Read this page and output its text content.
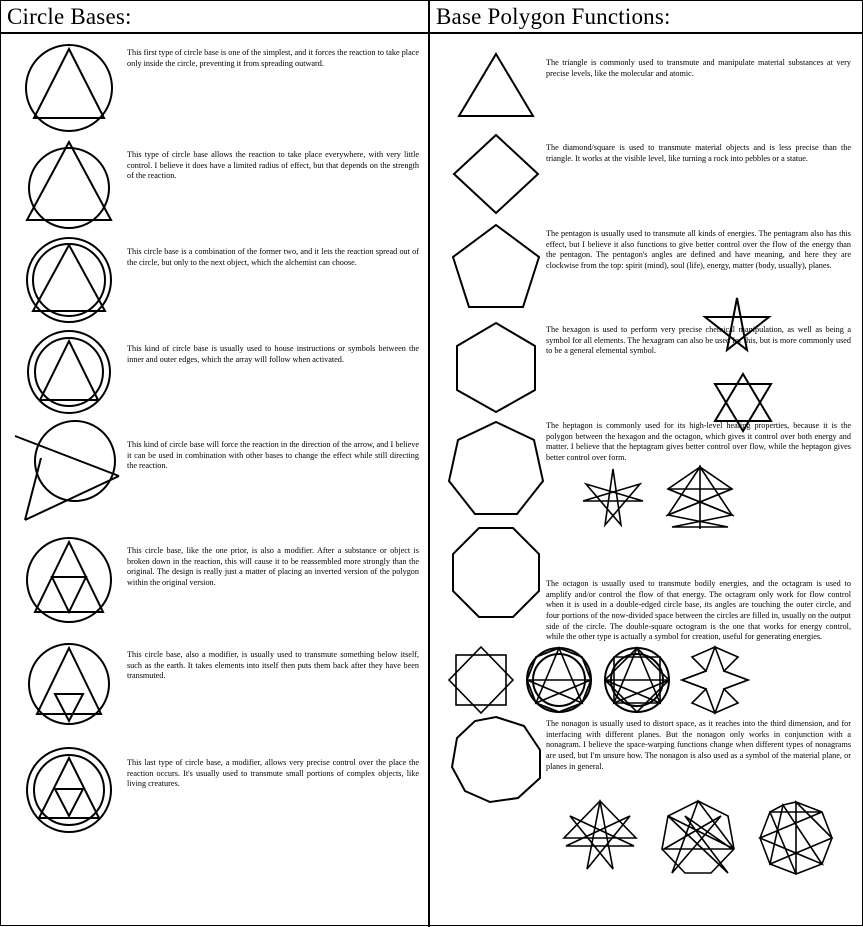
Circle Bases:
This first type of circle base is one of the simplest, and it forces the reaction to take place only inside the circle, preventing it from spreading outward.
This type of circle base allows the reaction to take place everywhere, with very little control. I believe it does have a limited radius of effect, but that depends on the strength of the reaction.
This circle base is a combination of the former two, and it lets the reaction spread out of the circle, but only to the next object, which the alchemist can choose.
This kind of circle base is usually used to house instructions or symbols between the inner and outer edges, which the array will follow when activated.
This kind of circle base will force the reaction in the direction of the arrow, and I believe it can be used in combination with other bases to change the effect while still directing the reaction.
This circle base, like the one prior, is also a modifier. After a substance or object is broken down in the reaction, this will cause it to be reassembled more strongly than the original. The design is really just a matter of placing an inverted version of the polygon within the original version.
This circle base, also a modifier, is usually used to transmute something below itself, such as the earth. It takes elements into itself then puts them back after they have been transmuted.
This last type of circle base, a modifier, allows very precise control over the place the reaction occurs. It's usually used to transmute small portions of complex objects, like living creatures.
Base Polygon Functions:
The triangle is commonly used to transmute and manipulate material substances at very precise levels, like the molecular and atomic.
The diamond/square is used to transmute material objects and is less precise than the triangle. It works at the visible level, like turning a rock into pebbles or a statue.
The pentagon is usually used to transmute all kinds of energies. The pentagram also has this effect, but I believe it also functions to give better control over the flow of the energy than the pentagon. The pentagon's angles are defined and have meaning, and here they are clockwise from the top: spirit (mind), soul (life), energy, matter (body, usually), planes.
The hexagon is used to perform very precise chemical manipulation, as well as being a symbol for all elements. The hexagram can also be used for this, but is more commonly used to be a general elemental symbol.
The heptagon is commonly used for its high-level healing properties, because it is the polygon between the hexagon and the octagon, which gives it control over both energy and matter. I believe that the heptagram gives better control over flow, while the heptagon gives better control over form.
The octagon is usually used to transmute bodily energies, and the octagram is used to amplify and/or control the flow of that energy. The octagram only work for flow control when it is used in a double-edged circle base, its angles are touching the outer circle, and four portions of the now-divided space between the circles are filled in, usually on the output side of the circle. The double-square octogram is the one that works for energy control, while the other type is actually a symbol for creation, useful for generating energies.
The nonagon is usually used to distort space, as it reaches into the third dimension, and for interfacing with different planes. But the nonagon only works in conjunction with a nonagram. I believe the space-warping functions change when different types of nonagrams are used, but I'm unsure how. The nonagon is also used as a symbol of the material plane, or planes in general.
